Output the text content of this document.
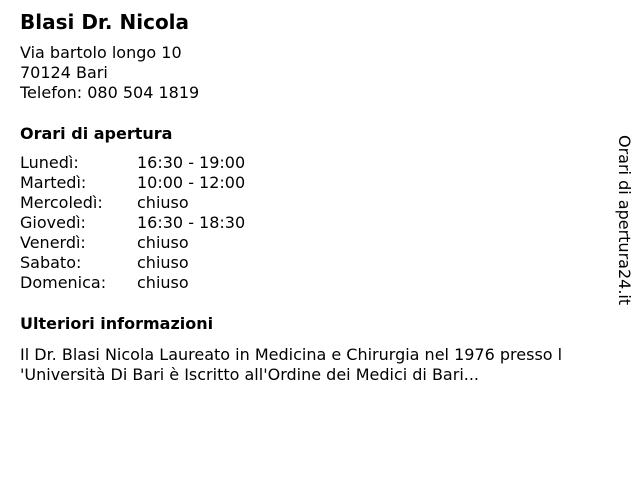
Blasi Dr. Nicola
Via bartolo longo 10
70124 Bari
Telefon: 080 504 1819
Orari di apertura
Lunedì:	16:30 - 19:00
Martedì:	10:00 - 12:00
Mercoledì: chiuso
Giovedì:	16:30 - 18:30
Venerdì:	chiuso
Sabato:	chiuso
Domenica: chiuso
Ulteriori informazioni
Il Dr. Blasi Nicola Laureato in Medicina e Chirurgia nel 1976 presso l
'Università Di Bari è Iscritto all'Ordine dei Medici di Bari...
Orari di apertura24.it
